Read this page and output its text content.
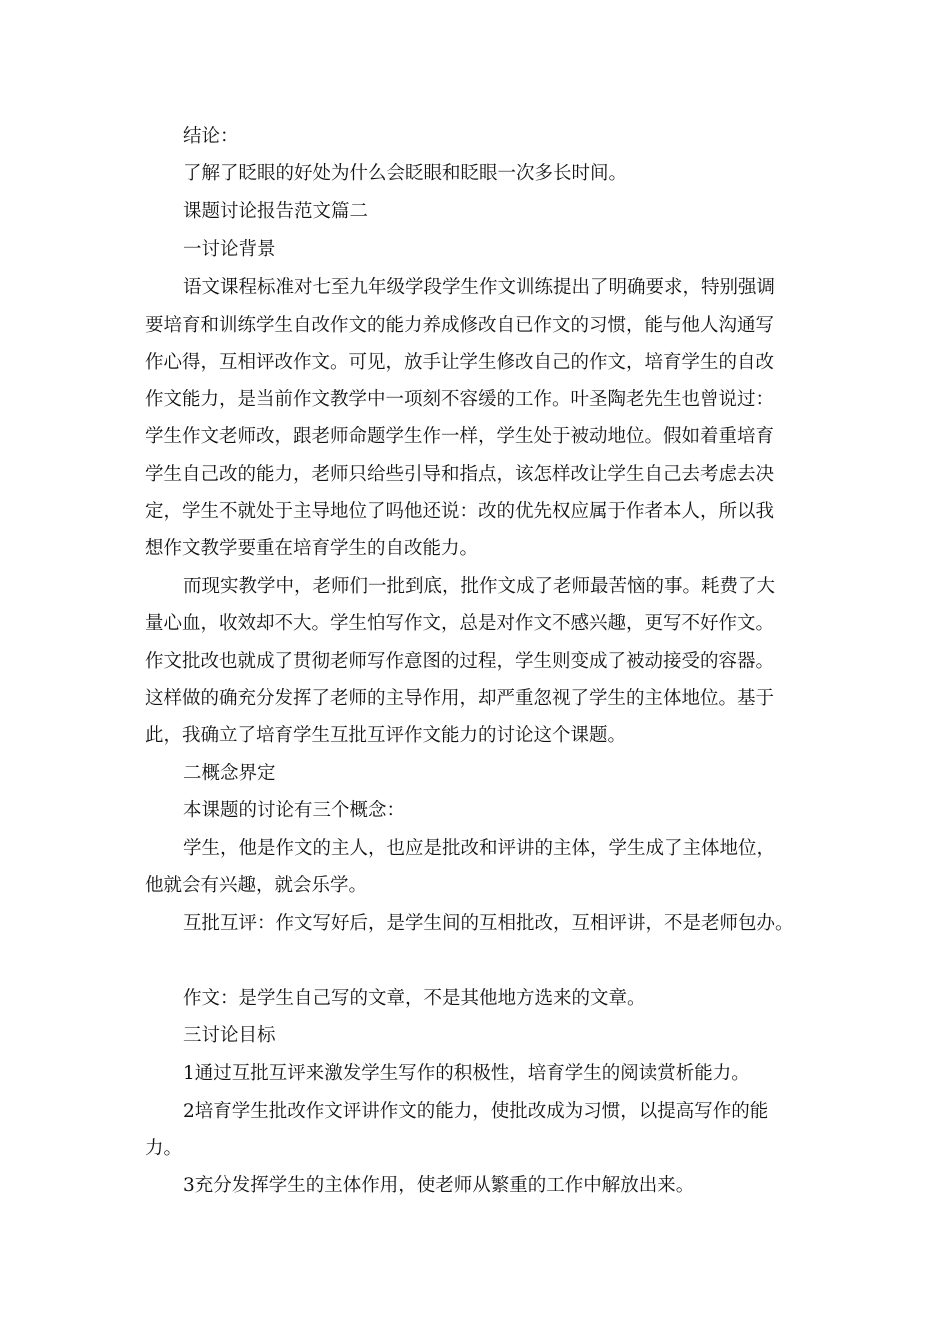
结论：
了解了眨眼的好处为什么会眨眼和眨眼一次多长时间。
课题讨论报告范文篇二
一讨论背景
语文课程标准对七至九年级学段学生作文训练提出了明确要求，特别强调
要培育和训练学生自改作文的能力养成修改自已作文的习惯，能与他人沟通写
作心得，互相评改作文。可见，放手让学生修改自己的作文，培育学生的自改
作文能力，是当前作文教学中一项刻不容缓的工作。叶圣陶老先生也曾说过：
学生作文老师改，跟老师命题学生作一样，学生处于被动地位。假如着重培育
学生自己改的能力，老师只给些引导和指点，该怎样改让学生自己去考虑去决
定，学生不就处于主导地位了吗他还说：改的优先权应属于作者本人，所以我
想作文教学要重在培育学生的自改能力。
而现实教学中，老师们一批到底，批作文成了老师最苦恼的事。耗费了大
量心血，收效却不大。学生怕写作文，总是对作文不感兴趣，更写不好作文。
作文批改也就成了贯彻老师写作意图的过程，学生则变成了被动接受的容器。
这样做的确充分发挥了老师的主导作用，却严重忽视了学生的主体地位。基于
此，我确立了培育学生互批互评作文能力的讨论这个课题。
二概念界定
本课题的讨论有三个概念：
学生，他是作文的主人，也应是批改和评讲的主体，学生成了主体地位，
他就会有兴趣，就会乐学。
互批互评：作文写好后，是学生间的互相批改，互相评讲，不是老师包办。
作文：是学生自己写的文章，不是其他地方选来的文章。
三讨论目标
1通过互批互评来激发学生写作的积极性，培育学生的阅读赏析能力。
2培育学生批改作文评讲作文的能力，使批改成为习惯，以提高写作的能
力。
3充分发挥学生的主体作用，使老师从繁重的工作中解放出来。
